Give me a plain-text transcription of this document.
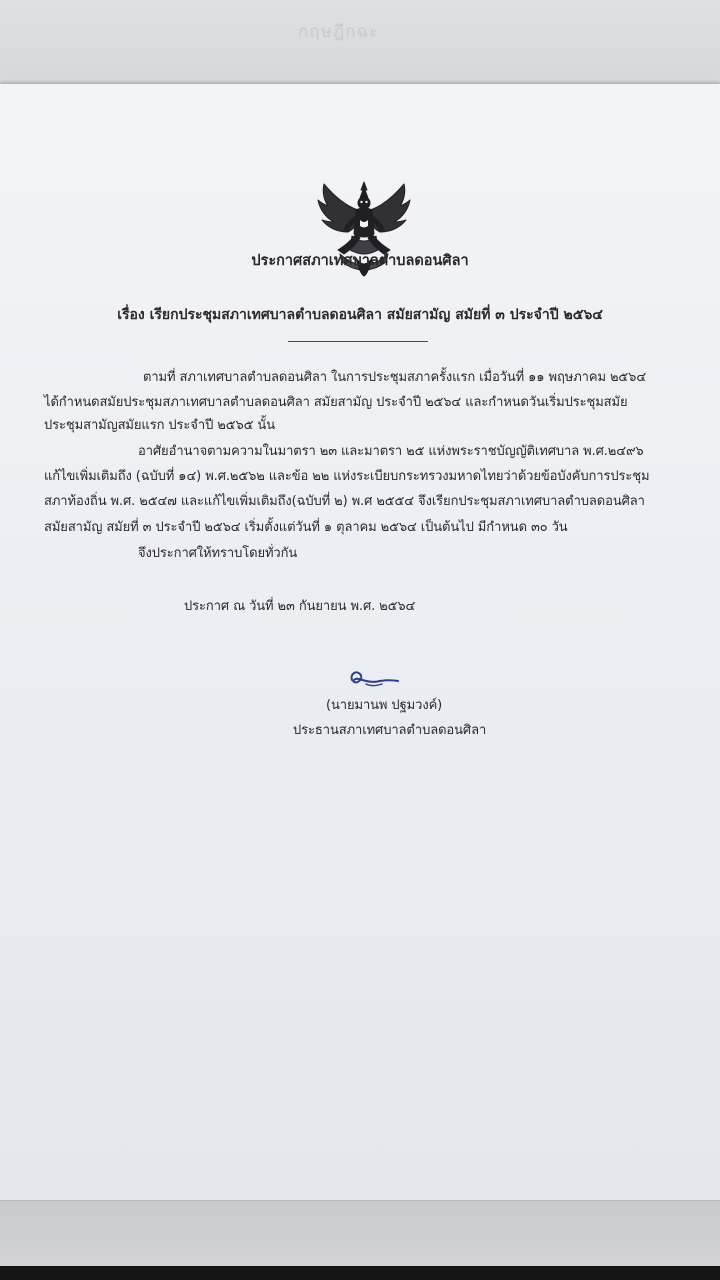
กฤษฎีกฉะ
ประกาศสภาเทศบาลตำบลดอนศิลา
เรื่อง เรียกประชุมสภาเทศบาลตำบลดอนศิลา สมัยสามัญ สมัยที่ ๓ ประจำปี ๒๕๖๔
ตามที่ สภาเทศบาลตำบลดอนศิลา ในการประชุมสภาครั้งแรก เมื่อวันที่ ๑๑ พฤษภาคม ๒๕๖๔
ได้กำหนดสมัยประชุมสภาเทศบาลตำบลดอนศิลา สมัยสามัญ ประจำปี ๒๕๖๔ และกำหนดวันเริ่มประชุมสมัย
ประชุมสามัญสมัยแรก ประจำปี ๒๕๖๕ นั้น
อาศัยอำนาจตามความในมาตรา ๒๓ และมาตรา ๒๕ แห่งพระราชบัญญัติเทศบาล พ.ศ.๒๔๙๖
แก้ไขเพิ่มเติมถึง (ฉบับที่ ๑๔) พ.ศ.๒๕๖๒ และข้อ ๒๒ แห่งระเบียบกระทรวงมหาดไทยว่าด้วยข้อบังคับการประชุม
สภาท้องถิ่น พ.ศ. ๒๕๔๗ และแก้ไขเพิ่มเติมถึง(ฉบับที่ ๒) พ.ศ ๒๕๕๔ จึงเรียกประชุมสภาเทศบาลตำบลดอนศิลา
สมัยสามัญ สมัยที่ ๓ ประจำปี ๒๕๖๔ เริ่มตั้งแต่วันที่ ๑ ตุลาคม ๒๕๖๔ เป็นต้นไป มีกำหนด ๓๐ วัน
จึงประกาศให้ทราบโดยทั่วกัน
ประกาศ ณ วันที่ ๒๓ กันยายน พ.ศ. ๒๕๖๔
(นายมานพ ปฐมวงค์)
ประธานสภาเทศบาลตำบลดอนศิลา
